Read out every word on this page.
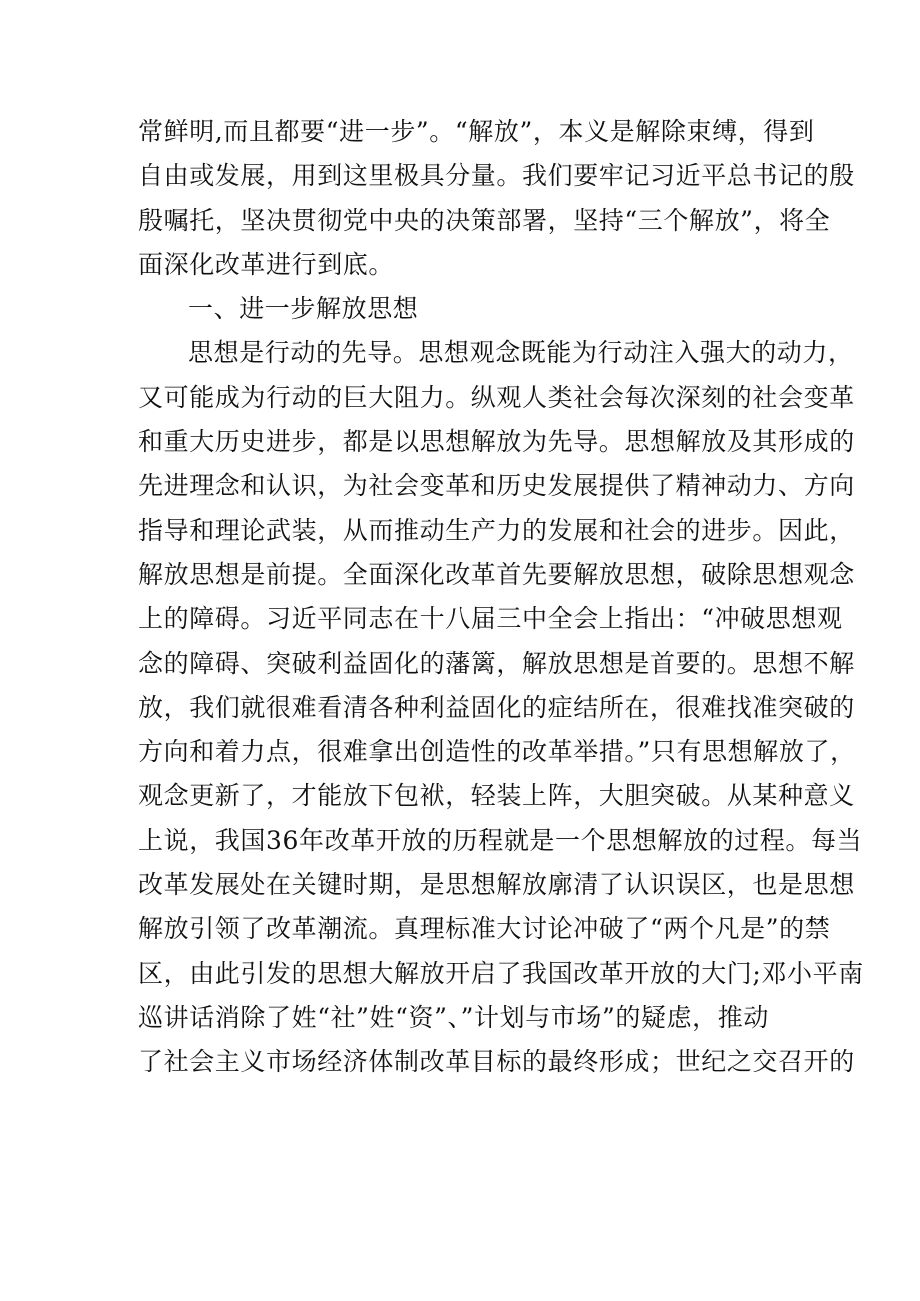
常鲜明,而且都要“进一步”。“解放”，本义是解除束缚，得到
自由或发展，用到这里极具分量。我们要牢记习近平总书记的殷
殷嘱托，坚决贯彻党中央的决策部署，坚持“三个解放”，将全
面深化改革进行到底。
一、进一步解放思想
思想是行动的先导。思想观念既能为行动注入强大的动力，
又可能成为行动的巨大阻力。纵观人类社会每次深刻的社会变革
和重大历史进步，都是以思想解放为先导。思想解放及其形成的
先进理念和认识，为社会变革和历史发展提供了精神动力、方向
指导和理论武装，从而推动生产力的发展和社会的进步。因此，
解放思想是前提。全面深化改革首先要解放思想，破除思想观念
上的障碍。习近平同志在十八届三中全会上指出：“冲破思想观
念的障碍、突破利益固化的藩篱，解放思想是首要的。思想不解
放，我们就很难看清各种利益固化的症结所在，很难找准突破的
方向和着力点，很难拿出创造性的改革举措。”只有思想解放了，
观念更新了，才能放下包袱，轻装上阵，大胆突破。从某种意义
上说，我国36年改革开放的历程就是一个思想解放的过程。每当
改革发展处在关键时期，是思想解放廓清了认识误区，也是思想
解放引领了改革潮流。真理标准大讨论冲破了“两个凡是”的禁
区，由此引发的思想大解放开启了我国改革开放的大门;邓小平南
巡讲话消除了姓“社”姓“资”、”计划与市场”的疑虑，推动
了社会主义市场经济体制改革目标的最终形成；世纪之交召开的
